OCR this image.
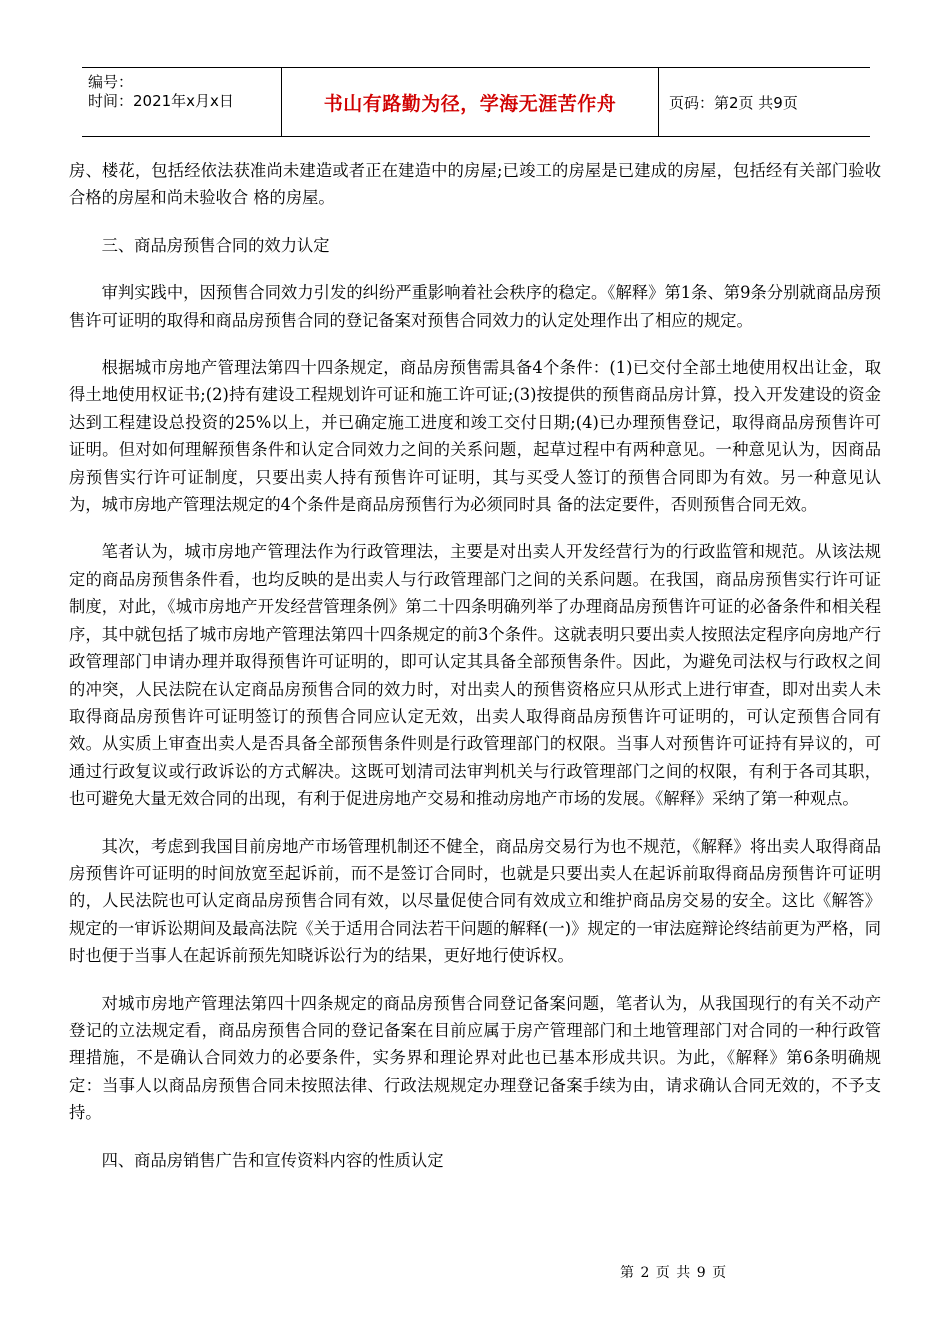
编号：
时间：2021年x月x日	书山有路勤为径，学海无涯苦作舟	页码：第2页 共9页

房、楼花，包括经依法获准尚未建造或者正在建造中的房屋;已竣工的房屋是已建成的房屋，包括经有关部门验收合格的房屋和尚未验收合 格的房屋。

三、商品房预售合同的效力认定

审判实践中，因预售合同效力引发的纠纷严重影响着社会秩序的稳定。《解释》第1条、第9条分别就商品房预售许可证明的取得和商品房预售合同的登记备案对预售合同效力的认定处理作出了相应的规定。

根据城市房地产管理法第四十四条规定，商品房预售需具备4个条件：(1)已交付全部土地使用权出让金，取得土地使用权证书;(2)持有建设工程规划许可证和施工许可证;(3)按提供的预售商品房计算，投入开发建设的资金达到工程建设总投资的25%以上，并已确定施工进度和竣工交付日期;(4)已办理预售登记，取得商品房预售许可证明。但对如何理解预售条件和认定合同效力之间的关系问题，起草过程中有两种意见。一种意见认为，因商品房预售实行许可证制度，只要出卖人持有预售许可证明，其与买受人签订的预售合同即为有效。另一种意见认为，城市房地产管理法规定的4个条件是商品房预售行为必须同时具 备的法定要件，否则预售合同无效。

笔者认为，城市房地产管理法作为行政管理法，主要是对出卖人开发经营行为的行政监管和规范。从该法规定的商品房预售条件看，也均反映的是出卖人与行政管理部门之间的关系问题。在我国，商品房预售实行许可证制度，对此，《城市房地产开发经营管理条例》第二十四条明确列举了办理商品房预售许可证的必备条件和相关程序，其中就包括了城市房地产管理法第四十四条规定的前3个条件。这就表明只要出卖人按照法定程序向房地产行政管理部门申请办理并取得预售许可证明的，即可认定其具备全部预售条件。因此，为避免司法权与行政权之间的冲突，人民法院在认定商品房预售合同的效力时，对出卖人的预售资格应只从形式上进行审查，即对出卖人未取得商品房预售许可证明签订的预售合同应认定无效，出卖人取得商品房预售许可证明的，可认定预售合同有效。从实质上审查出卖人是否具备全部预售条件则是行政管理部门的权限。当事人对预售许可证持有异议的，可通过行政复议或行政诉讼的方式解决。这既可划清司法审判机关与行政管理部门之间的权限，有利于各司其职，也可避免大量无效合同的出现，有利于促进房地产交易和推动房地产市场的发展。《解释》采纳了第一种观点。

其次，考虑到我国目前房地产市场管理机制还不健全，商品房交易行为也不规范，《解释》将出卖人取得商品房预售许可证明的时间放宽至起诉前，而不是签订合同时，也就是只要出卖人在起诉前取得商品房预售许可证明的，人民法院也可认定商品房预售合同有效，以尽量促使合同有效成立和维护商品房交易的安全。这比《解答》规定的一审诉讼期间及最高法院《关于适用合同法若干问题的解释(一)》规定的一审法庭辩论终结前更为严格，同时也便于当事人在起诉前预先知晓诉讼行为的结果，更好地行使诉权。

对城市房地产管理法第四十四条规定的商品房预售合同登记备案问题，笔者认为，从我国现行的有关不动产登记的立法规定看，商品房预售合同的登记备案在目前应属于房产管理部门和土地管理部门对合同的一种行政管理措施，不是确认合同效力的必要条件，实务界和理论界对此也已基本形成共识。为此，《解释》第6条明确规定：当事人以商品房预售合同未按照法律、行政法规规定办理登记备案手续为由，请求确认合同无效的，不予支持。

四、商品房销售广告和宣传资料内容的性质认定

第 2 页 共 9 页
